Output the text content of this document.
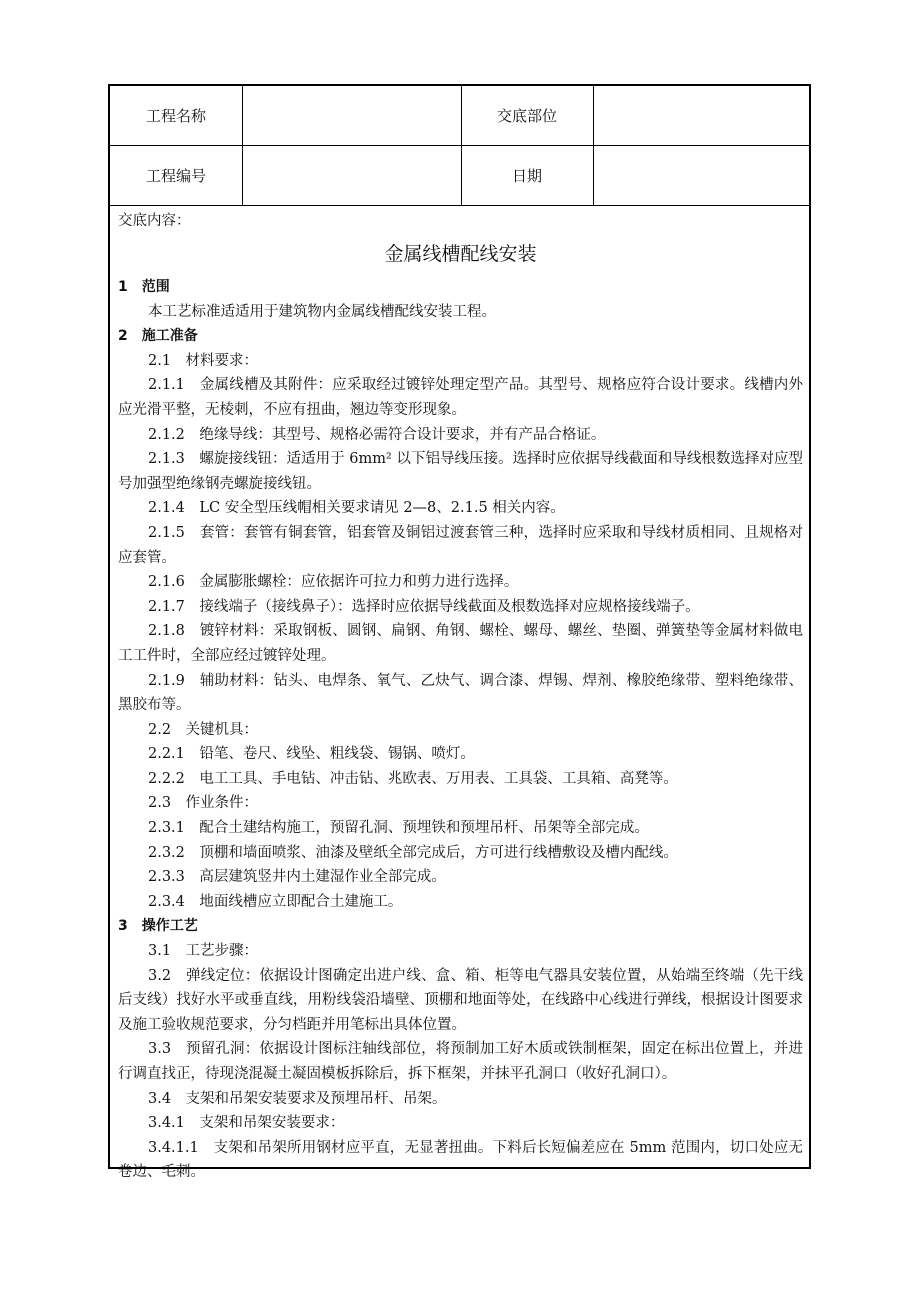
工程名称	交底部位
工程编号	日期

交底内容：

金属线槽配线安装

1　范围

本工艺标准适适用于建筑物内金属线槽配线安装工程。

2　施工准备

2.1　材料要求：

2.1.1　金属线槽及其附件：应采取经过镀锌处理定型产品。其型号、规格应符合设计要求。线槽内外应光滑平整，无棱刺，不应有扭曲，翘边等变形现象。

2.1.2　绝缘导线：其型号、规格必需符合设计要求，并有产品合格证。

2.1.3　螺旋接线钮：适适用于 6mm² 以下铝导线压接。选择时应依据导线截面和导线根数选择对应型号加强型绝缘钢壳螺旋接线钮。

2.1.4　LC 安全型压线帽相关要求请见 2—8、2.1.5 相关内容。

2.1.5　套管：套管有铜套管，铝套管及铜铝过渡套管三种，选择时应采取和导线材质相同、且规格对应套管。

2.1.6　金属膨胀螺栓：应依据许可拉力和剪力进行选择。

2.1.7　接线端子（接线鼻子）：选择时应依据导线截面及根数选择对应规格接线端子。

2.1.8　镀锌材料：采取钢板、圆钢、扁钢、角钢、螺栓、螺母、螺丝、垫圈、弹簧垫等金属材料做电工工件时，全部应经过镀锌处理。

2.1.9　辅助材料：钻头、电焊条、氧气、乙炔气、调合漆、焊锡、焊剂、橡胶绝缘带、塑料绝缘带、黑胶布等。

2.2　关键机具：

2.2.1　铅笔、卷尺、线坠、粗线袋、锡锅、喷灯。

2.2.2　电工工具、手电钻、冲击钻、兆欧表、万用表、工具袋、工具箱、高凳等。

2.3　作业条件：

2.3.1　配合土建结构施工，预留孔洞、预埋铁和预埋吊杆、吊架等全部完成。

2.3.2　顶棚和墙面喷浆、油漆及壁纸全部完成后，方可进行线槽敷设及槽内配线。

2.3.3　高层建筑竖井内土建湿作业全部完成。

2.3.4　地面线槽应立即配合土建施工。

3　操作工艺

3.1　工艺步骤：

3.2　弹线定位：依据设计图确定出进户线、盒、箱、柜等电气器具安装位置，从始端至终端（先干线后支线）找好水平或垂直线，用粉线袋沿墙壁、顶棚和地面等处，在线路中心线进行弹线，根据设计图要求及施工验收规范要求，分匀档距并用笔标出具体位置。

3.3　预留孔洞：依据设计图标注轴线部位，将预制加工好木质或铁制框架，固定在标出位置上，并进行调直找正，待现浇混凝土凝固模板拆除后，拆下框架，并抹平孔洞口（收好孔洞口）。

3.4　支架和吊架安装要求及预埋吊杆、吊架。

3.4.1　支架和吊架安装要求：

3.4.1.1　支架和吊架所用钢材应平直，无显著扭曲。下料后长短偏差应在 5mm 范围内，切口处应无卷边、毛刺。
